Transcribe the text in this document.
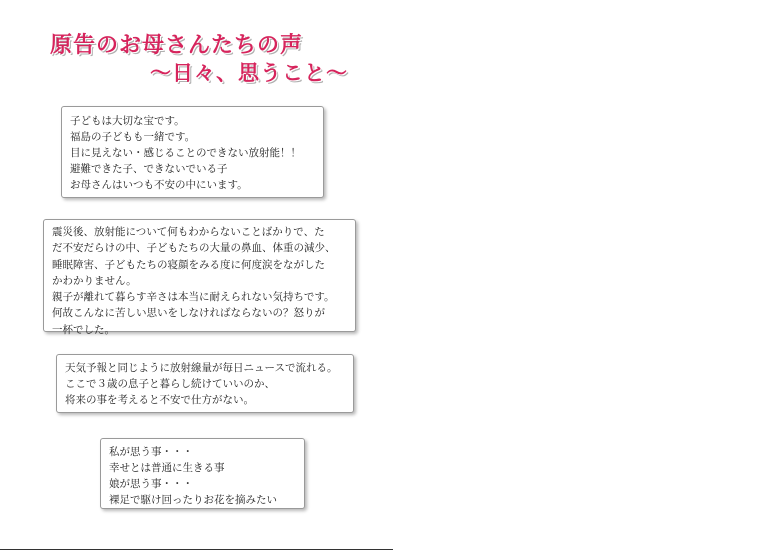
原告のお母さんたちの声
～日々、思うこと～
子どもは大切な宝です。
福島の子どもも一緒です。
目に見えない・感じることのできない放射能！！
避難できた子、できないでいる子
お母さんはいつも不安の中にいます。
震災後、放射能について何もわからないことばかりで、た
だ不安だらけの中、子どもたちの大量の鼻血、体重の減少、
睡眠障害、子どもたちの寝顔をみる度に何度涙をながした
かわかりません。
親子が離れて暮らす辛さは本当に耐えられない気持ちです。
何故こんなに苦しい思いをしなければならないの？怒りが
一杯でした。
天気予報と同じように放射線量が毎日ニュースで流れる。
ここで３歳の息子と暮らし続けていいのか、
将来の事を考えると不安で仕方がない。
私が思う事・・・
幸せとは普通に生きる事
娘が思う事・・・
裸足で駆け回ったりお花を摘みたい
